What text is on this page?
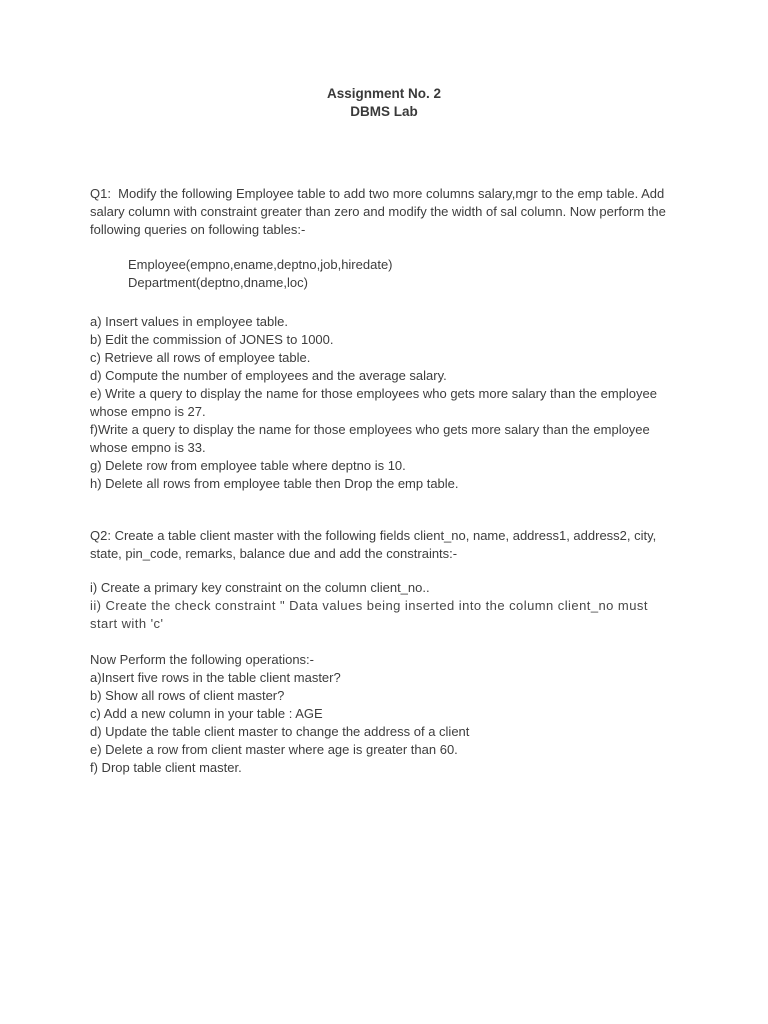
Assignment No. 2
DBMS Lab

Q1:  Modify the following Employee table to add two more columns salary,mgr to the emp table. Add salary column with constraint greater than zero and modify the width of sal column. Now perform the following queries on following tables:-

Employee(empno,ename,deptno,job,hiredate)
Department(deptno,dname,loc)
a) Insert values in employee table.
b) Edit the commission of JONES to 1000.
c) Retrieve all rows of employee table.
d) Compute the number of employees and the average salary.
e) Write a query to display the name for those employees who gets more salary than the employee whose empno is 27.
f)Write a query to display the name for those employees who gets more salary than the employee whose empno is 33.
g) Delete row from employee table where deptno is 10.
h) Delete all rows from employee table then Drop the emp table.

Q2: Create a table client master with the following fields client_no, name, address1, address2, city, state, pin_code, remarks, balance due and add the constraints:-

i) Create a primary key constraint on the column client_no..
ii) Create the check constraint " Data values being inserted into the column client_no must start with 'c'
Now Perform the following operations:-
a)Insert five rows in the table client master?
b) Show all rows of client master?
c) Add a new column in your table : AGE
d) Update the table client master to change the address of a client
e) Delete a row from client master where age is greater than 60.
f) Drop table client master.
